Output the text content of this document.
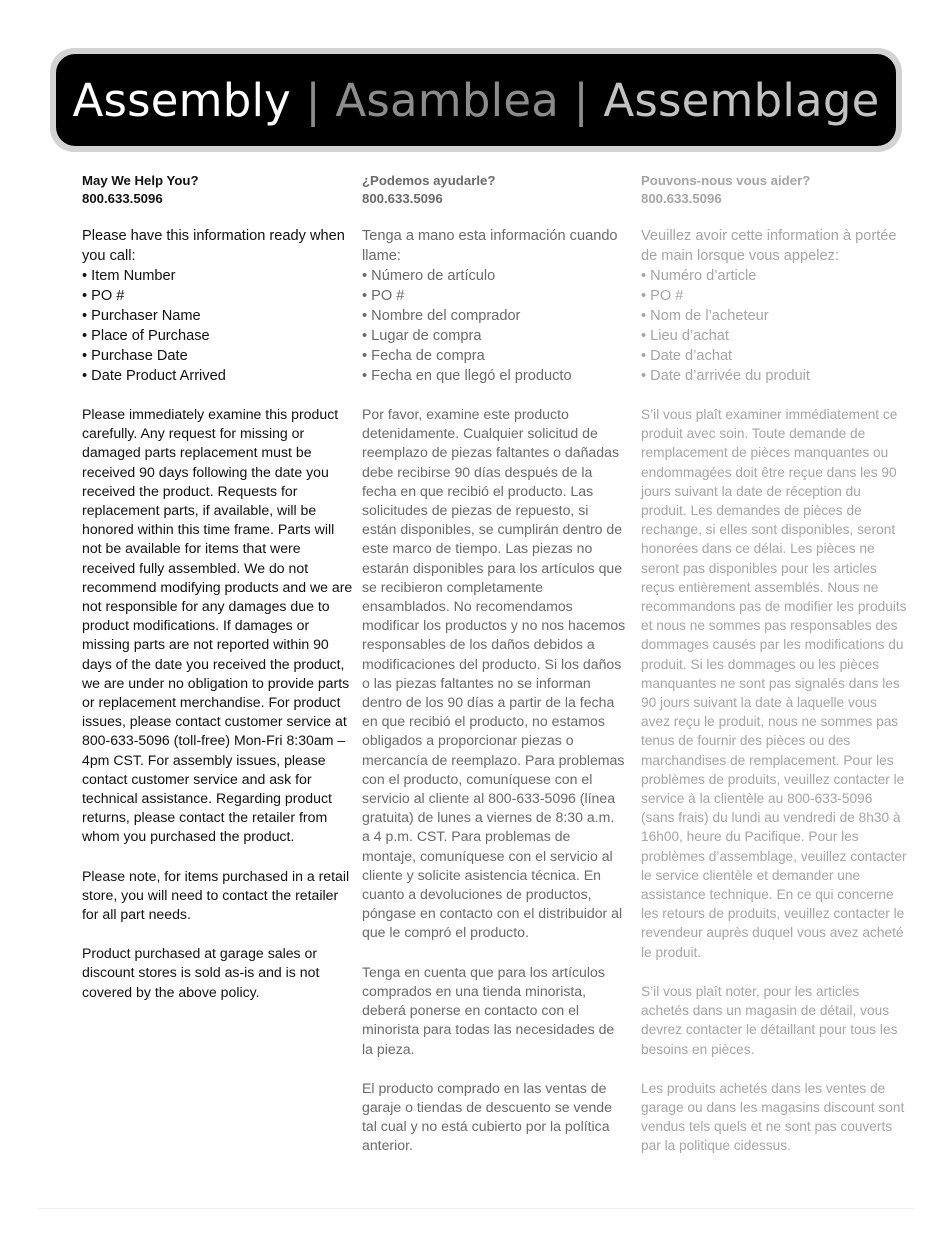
Assembly | Asamblea | Assemblage
May We Help You?
800.633.5096
Please have this information ready when you call:
• Item Number
• PO #
• Purchaser Name
• Place of Purchase
• Purchase Date
• Date Product Arrived

Please immediately examine this product carefully. Any request for missing or damaged parts replacement must be received 90 days following the date you received the product. Requests for replacement parts, if available, will be honored within this time frame. Parts will not be available for items that were received fully assembled. We do not recommend modifying products and we are not responsible for any damages due to product modifications. If damages or missing parts are not reported within 90 days of the date you received the product, we are under no obligation to provide parts or replacement merchandise. For product issues, please contact customer service at 800-633-5096 (toll-free) Mon-Fri 8:30am – 4pm CST. For assembly issues, please contact customer service and ask for technical assistance. Regarding product returns, please contact the retailer from whom you purchased the product.

Please note, for items purchased in a retail store, you will need to contact the retailer for all part needs.

Product purchased at garage sales or discount stores is sold as-is and is not covered by the above policy.

¿Podemos ayudarle?
800.633.5096
Tenga a mano esta información cuando llame:
• Número de artículo
• PO #
• Nombre del comprador
• Lugar de compra
• Fecha de compra
• Fecha en que llegó el producto

Por favor, examine este producto detenidamente. Cualquier solicitud de reemplazo de piezas faltantes o dañadas debe recibirse 90 días después de la fecha en que recibió el producto. Las solicitudes de piezas de repuesto, si están disponibles, se cumplirán dentro de este marco de tiempo. Las piezas no estarán disponibles para los artículos que se recibieron completamente ensamblados. No recomendamos modificar los productos y no nos hacemos responsables de los daños debidos a modificaciones del producto. Si los daños o las piezas faltantes no se informan dentro de los 90 días a partir de la fecha en que recibió el producto, no estamos obligados a proporcionar piezas o mercancía de reemplazo. Para problemas con el producto, comuníquese con el servicio al cliente al 800-633-5096 (línea gratuita) de lunes a viernes de 8:30 a.m. a 4 p.m. CST. Para problemas de montaje, comuníquese con el servicio al cliente y solicite asistencia técnica. En cuanto a devoluciones de productos, póngase en contacto con el distribuidor al que le compró el producto.

Tenga en cuenta que para los artículos comprados en una tienda minorista, deberá ponerse en contacto con el minorista para todas las necesidades de la pieza.

El producto comprado en las ventas de garaje o tiendas de descuento se vende tal cual y no está cubierto por la política anterior.

Pouvons-nous vous aider?
800.633.5096
Veuillez avoir cette information à portée de main lorsque vous appelez:
• Numéro d’article
• PO #
• Nom de l’acheteur
• Lieu d’achat
• Date d’achat
• Date d’arrivée du produit

S’il vous plaît examiner immédiatement ce produit avec soin. Toute demande de remplacement de pièces manquantes ou endommagées doit être reçue dans les 90 jours suivant la date de réception du produit. Les demandes de pièces de rechange, si elles sont disponibles, seront honorées dans ce délai. Les pièces ne seront pas disponibles pour les articles reçus entièrement assemblés. Nous ne recommandons pas de modifier les produits et nous ne sommes pas responsables des dommages causés par les modifications du produit. Si les dommages ou les pièces manquantes ne sont pas signalés dans les 90 jours suivant la date à laquelle vous avez reçu le produit, nous ne sommes pas tenus de fournir des pièces ou des marchandises de remplacement. Pour les problèmes de produits, veuillez contacter le service à la clientèle au 800-633-5096 (sans frais) du lundi au vendredi de 8h30 à 16h00, heure du Pacifique. Pour les problèmes d’assemblage, veuillez contacter le service clientèle et demander une assistance technique. En ce qui concerne les retours de produits, veuillez contacter le revendeur auprès duquel vous avez acheté le produit.

S’il vous plaît noter, pour les articles achetés dans un magasin de détail, vous devrez contacter le détaillant pour tous les besoins en pièces.

Les produits achetés dans les ventes de garage ou dans les magasins discount sont vendus tels quels et ne sont pas couverts par la politique cidessus.
